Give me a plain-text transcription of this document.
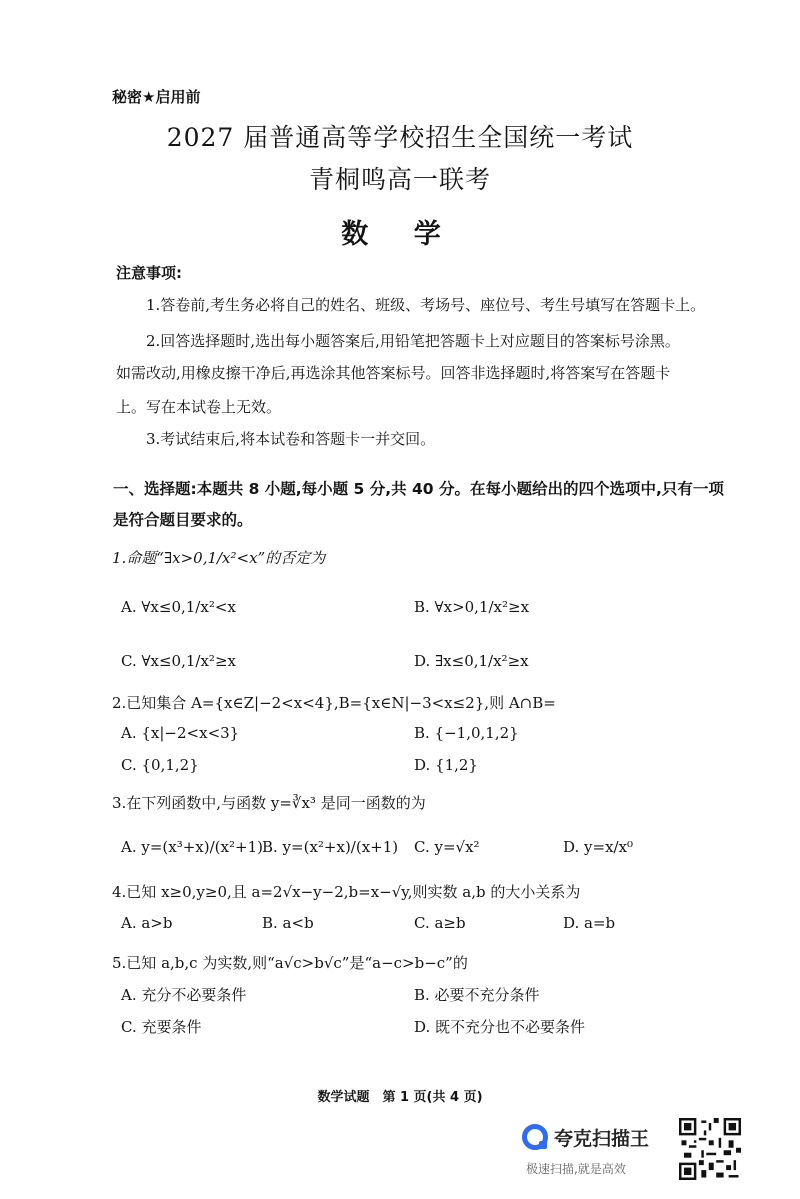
秘密★启用前
2027 届普通高等学校招生全国统一考试
青桐鸣高一联考
数 学
注意事项:
1.答卷前,考生务必将自己的姓名、班级、考场号、座位号、考生号填写在答题卡上。
2.回答选择题时,选出每小题答案后,用铅笔把答题卡上对应题目的答案标号涂黑。
如需改动,用橡皮擦干净后,再选涂其他答案标号。回答非选择题时,将答案写在答题卡
上。写在本试卷上无效。
3.考试结束后,将本试卷和答题卡一并交回。
一、选择题:本题共 8 小题,每小题 5 分,共 40 分。在每小题给出的四个选项中,只有一项
是符合题目要求的。
1.命题“∃x>0,1/x²<x”的否定为
A. ∀x≤0,1/x²<x	B. ∀x>0,1/x²≥x
C. ∀x≤0,1/x²≥x	D. ∃x≤0,1/x²≥x
2.已知集合 A={x∈Z|−2<x<4},B={x∈N|−3<x≤2},则 A∩B=
A. {x|−2<x<3}	B. {−1,0,1,2}
C. {0,1,2}	D. {1,2}
3.在下列函数中,与函数 y=∛x³ 是同一函数的为
A. y=(x³+x)/(x²+1) B. y=(x²+x)/(x+1) C. y=√x²	D. y=x/x⁰
4.已知 x≥0,y≥0,且 a=2√x−y−2,b=x−√y,则实数 a,b 的大小关系为
A. a>b	B. a<b	C. a≥b	D. a=b
5.已知 a,b,c 为实数,则“a√c>b√c”是“a−c>b−c”的
A. 充分不必要条件	B. 必要不充分条件
C. 充要条件	D. 既不充分也不必要条件
数学试题　第 1 页(共 4 页)
夸克扫描王
极速扫描,就是高效
